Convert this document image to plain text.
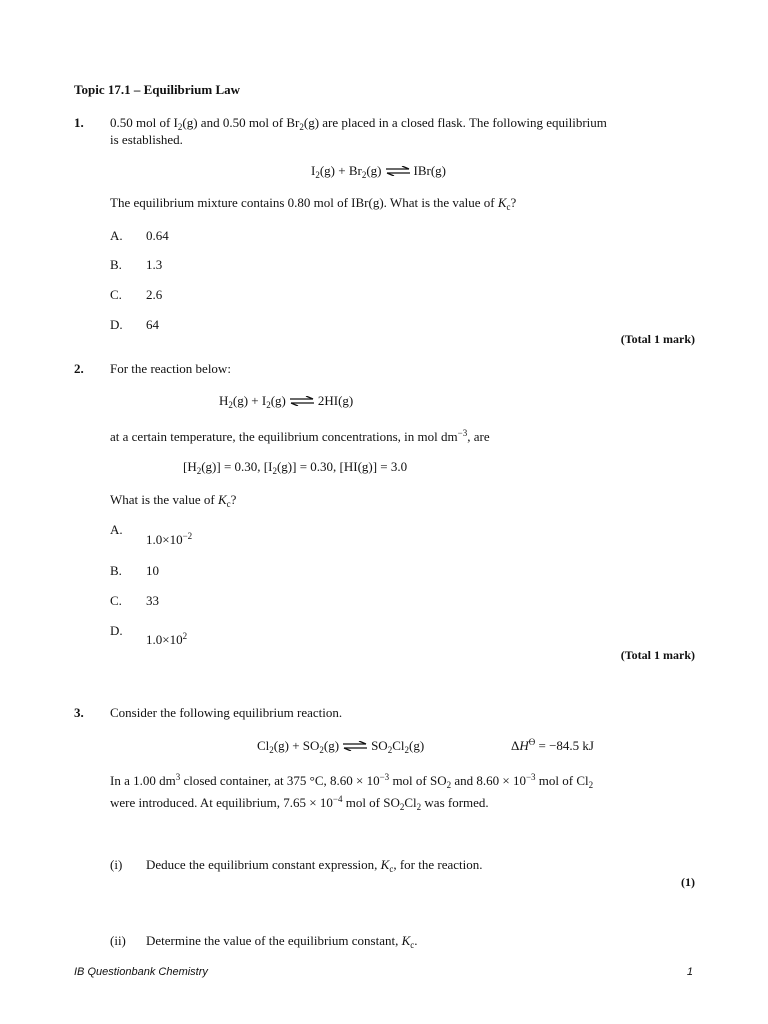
Topic 17.1 – Equilibrium Law
1. 0.50 mol of $I_2(g)$ and 0.50 mol of $Br_2(g)$ are placed in a closed flask. The following equilibrium
is established.
$I_2(g) + Br_2(g)$ ⇌ IBr(g)
The equilibrium mixture contains 0.80 mol of IBr(g). What is the value of $K_c$?
A. 0.64
B. 1.3
C. 2.6
D. 64
(Total 1 mark)
2. For the reaction below:
$H_2(g) + I_2(g)$ ⇌ 2HI(g)
at a certain temperature, the equilibrium concentrations, in mol $dm^{-3}$, are
$[H_2(g)] = 0.30$, $[I_2(g)] = 0.30$, [HI(g)] = 3.0
What is the value of $K_c$?
A.
$1.0\times 10^{-2}$
B. 10
C. 33
D.
$1.0\times 10^2$
(Total 1 mark)
3. Consider the following equilibrium reaction.
$Cl_2(g) + SO_2(g)$ ⇌ $SO_2Cl_2(g)$	$\Delta H^ϴ = -84.5$ kJ
In a 1.00 $dm^3$ closed container, at 375 °C, $8.60 \times 10^{-3}$ mol of $SO_2$ and $8.60 \times 10^{-3}$ mol of $Cl_2$
were introduced. At equilibrium, $7.65 \times 10^{-4}$ mol of $SO_2Cl_2$ was formed.
(i) Deduce the equilibrium constant expression, $K_c$, for the reaction.
(1)
(ii) Determine the value of the equilibrium constant, $K_c$.
IB Questionbank Chemistry	1
